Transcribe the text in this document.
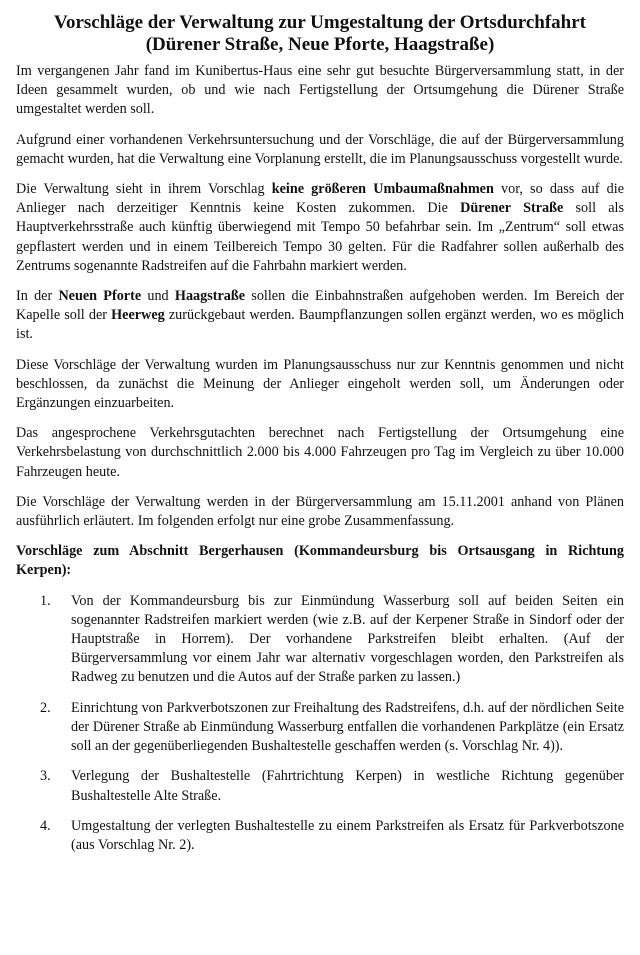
Vorschläge der Verwaltung zur Umgestaltung der Ortsdurchfahrt
(Dürener Straße, Neue Pforte, Haagstraße)

Im vergangenen Jahr fand im Kunibertus-Haus eine sehr gut besuchte Bürgerversammlung statt, in der Ideen gesammelt wurden, ob und wie nach Fertigstellung der Ortsumgehung die Dürener Straße umgestaltet werden soll.

Aufgrund einer vorhandenen Verkehrsuntersuchung und der Vorschläge, die auf der Bürgerversammlung gemacht wurden, hat die Verwaltung eine Vorplanung erstellt, die im Planungsausschuss vorgestellt wurde.

Die Verwaltung sieht in ihrem Vorschlag keine größeren Umbaumaßnahmen vor, so dass auf die Anlieger nach derzeitiger Kenntnis keine Kosten zukommen. Die Dürener Straße soll als Hauptverkehrsstraße auch künftig überwiegend mit Tempo 50 befahrbar sein. Im „Zentrum“ soll etwas gepflastert werden und in einem Teilbereich Tempo 30 gelten. Für die Radfahrer sollen außerhalb des Zentrums sogenannte Radstreifen auf die Fahrbahn markiert werden.

In der Neuen Pforte und Haagstraße sollen die Einbahnstraßen aufgehoben werden. Im Bereich der Kapelle soll der Heerweg zurückgebaut werden. Baumpflanzungen sollen ergänzt werden, wo es möglich ist.

Diese Vorschläge der Verwaltung wurden im Planungsausschuss nur zur Kenntnis genommen und nicht beschlossen, da zunächst die Meinung der Anlieger eingeholt werden soll, um Änderungen oder Ergänzungen einzuarbeiten.

Das angesprochene Verkehrsgutachten berechnet nach Fertigstellung der Ortsumgehung eine Verkehrsbelastung von durchschnittlich 2.000 bis 4.000 Fahrzeugen pro Tag im Vergleich zu über 10.000 Fahrzeugen heute.

Die Vorschläge der Verwaltung werden in der Bürgerversammlung am 15.11.2001 anhand von Plänen ausführlich erläutert. Im folgenden erfolgt nur eine grobe Zusammenfassung.

Vorschläge zum Abschnitt Bergerhausen (Kommandeursburg bis Ortsausgang in Richtung Kerpen):
1. Von der Kommandeursburg bis zur Einmündung Wasserburg soll auf beiden Seiten ein sogenannter Radstreifen markiert werden (wie z.B. auf der Kerpener Straße in Sindorf oder der Hauptstraße in Horrem). Der vorhandene Parkstreifen bleibt erhalten. (Auf der Bürgerversammlung vor einem Jahr war alternativ vorgeschlagen worden, den Parkstreifen als Radweg zu benutzen und die Autos auf der Straße parken zu lassen.)
2. Einrichtung von Parkverbotszonen zur Freihaltung des Radstreifens, d.h. auf der nördlichen Seite der Dürener Straße ab Einmündung Wasserburg entfallen die vorhandenen Parkplätze (ein Ersatz soll an der gegenüberliegenden Bushaltestelle geschaffen werden (s. Vorschlag Nr. 4)).
3. Verlegung der Bushaltestelle (Fahrtrichtung Kerpen) in westliche Richtung gegenüber Bushaltestelle Alte Straße.
4. Umgestaltung der verlegten Bushaltestelle zu einem Parkstreifen als Ersatz für Parkverbotszone (aus Vorschlag Nr. 2).
